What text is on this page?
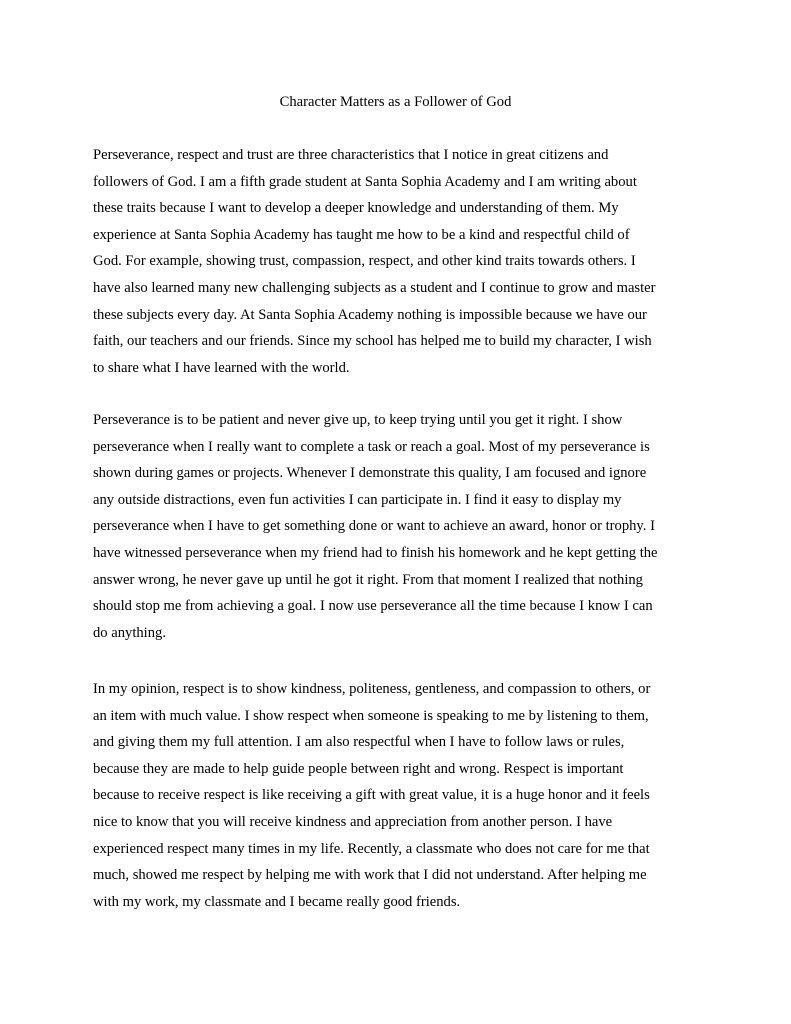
Character Matters as a Follower of God
Perseverance, respect and trust are three characteristics that I notice in great citizens and
followers of God. I am a fifth grade student at Santa Sophia Academy and I am writing about
these traits because I want to develop a deeper knowledge and understanding of them. My
experience at Santa Sophia Academy has taught me how to be a kind and respectful child of
God. For example, showing trust, compassion, respect, and other kind traits towards others. I
have also learned many new challenging subjects as a student and I continue to grow and master
these subjects every day. At Santa Sophia Academy nothing is impossible because we have our
faith, our teachers and our friends. Since my school has helped me to build my character, I wish
to share what I have learned with the world.
Perseverance is to be patient and never give up, to keep trying until you get it right. I show
perseverance when I really want to complete a task or reach a goal. Most of my perseverance is
shown during games or projects. Whenever I demonstrate this quality, I am focused and ignore
any outside distractions, even fun activities I can participate in. I find it easy to display my
perseverance when I have to get something done or want to achieve an award, honor or trophy. I
have witnessed perseverance when my friend had to finish his homework and he kept getting the
answer wrong, he never gave up until he got it right. From that moment I realized that nothing
should stop me from achieving a goal. I now use perseverance all the time because I know I can
do anything.
In my opinion, respect is to show kindness, politeness, gentleness, and compassion to others, or
an item with much value. I show respect when someone is speaking to me by listening to them,
and giving them my full attention. I am also respectful when I have to follow laws or rules,
because they are made to help guide people between right and wrong. Respect is important
because to receive respect is like receiving a gift with great value, it is a huge honor and it feels
nice to know that you will receive kindness and appreciation from another person. I have
experienced respect many times in my life. Recently, a classmate who does not care for me that
much, showed me respect by helping me with work that I did not understand. After helping me
with my work, my classmate and I became really good friends.
